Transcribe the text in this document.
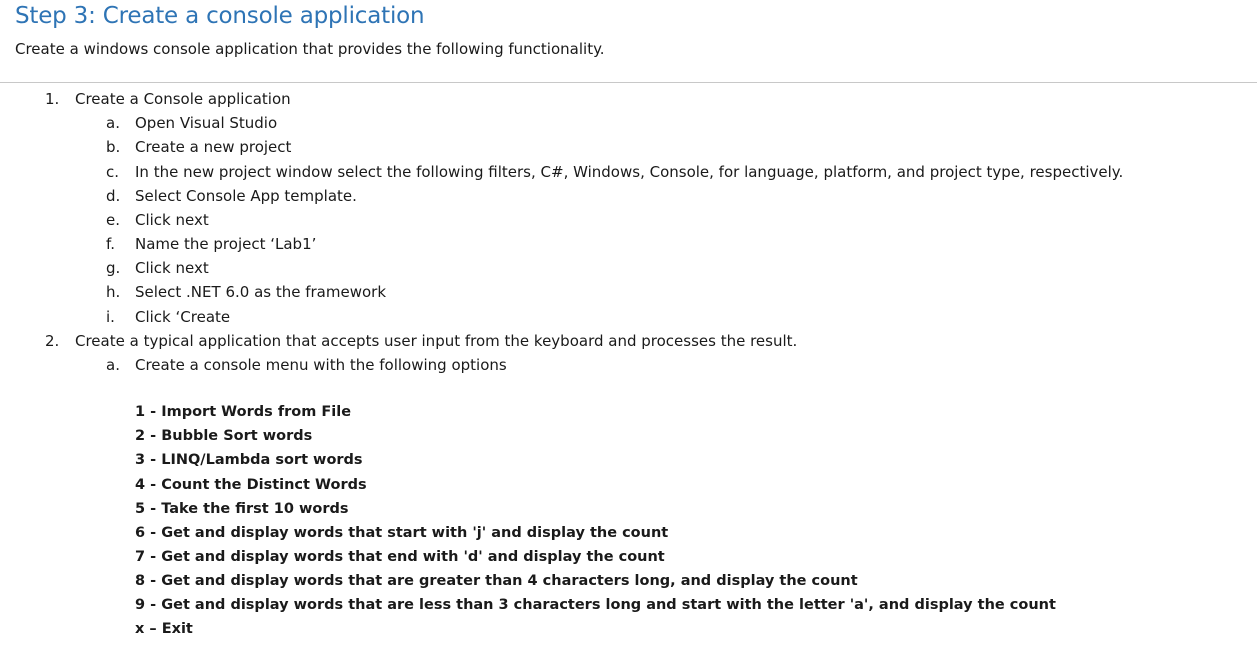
Step 3: Create a console application

Create a windows console application that provides the following functionality.

1. Create a Console application
a. Open Visual Studio
b. Create a new project
c. In the new project window select the following filters, C#, Windows, Console, for language, platform, and project type, respectively.
d. Select Console App template.
e. Click next
f. Name the project ‘Lab1’
g. Click next
h. Select .NET 6.0 as the framework
i. Click ‘Create
2. Create a typical application that accepts user input from the keyboard and processes the result.
a. Create a console menu with the following options
1 - Import Words from File
2 - Bubble Sort words
3 - LINQ/Lambda sort words
4 - Count the Distinct Words
5 - Take the first 10 words
6 - Get and display words that start with 'j' and display the count
7 - Get and display words that end with 'd' and display the count
8 - Get and display words that are greater than 4 characters long, and display the count
9 - Get and display words that are less than 3 characters long and start with the letter 'a', and display the count
x – Exit
